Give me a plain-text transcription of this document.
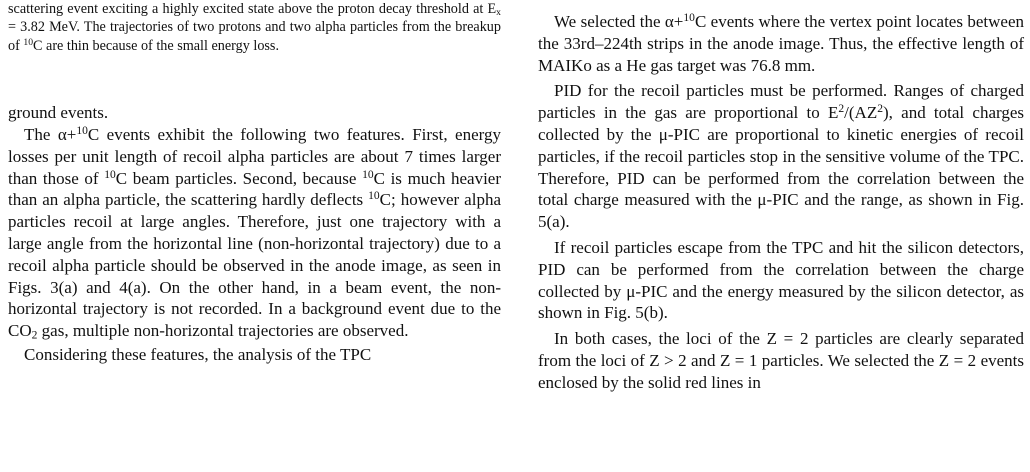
scattering event exciting a highly excited state above the proton decay threshold at $E_x = 3.82$ MeV. The trajectories of two protons and two alpha particles from the breakup of $^{10}$C are thin because of the small energy loss.

ground events.

The α+$^{10}$C events exhibit the following two features. First, energy losses per unit length of recoil alpha particles are about 7 times larger than those of $^{10}$C beam particles. Second, because $^{10}$C is much heavier than an alpha particle, the scattering hardly deflects $^{10}$C; however alpha particles recoil at large angles. Therefore, just one trajectory with a large angle from the horizontal line (non-horizontal trajectory) due to a recoil alpha particle should be observed in the anode image, as seen in Figs. 3(a) and 4(a). On the other hand, in a beam event, the non-horizontal trajectory is not recorded. In a background event due to the $CO_2$ gas, multiple non-horizontal trajectories are observed.

Considering these features, the analysis of the TPC

We selected the α+$^{10}$C events where the vertex point locates between the 33rd–224th strips in the anode image. Thus, the effective length of MAIKo as a He gas target was 76.8 mm.

PID for the recoil particles must be performed. Ranges of charged particles in the gas are proportional to $E^2/(AZ^2)$, and total charges collected by the μ-PIC are proportional to kinetic energies of recoil particles, if the recoil particles stop in the sensitive volume of the TPC. Therefore, PID can be performed from the correlation between the total charge measured with the μ-PIC and the range, as shown in Fig. 5(a).

If recoil particles escape from the TPC and hit the silicon detectors, PID can be performed from the correlation between the charge collected by μ-PIC and the energy measured by the silicon detector, as shown in Fig. 5(b).

In both cases, the loci of the Z = 2 particles are clearly separated from the loci of Z > 2 and Z = 1 particles. We selected the Z = 2 events enclosed by the solid red lines in
